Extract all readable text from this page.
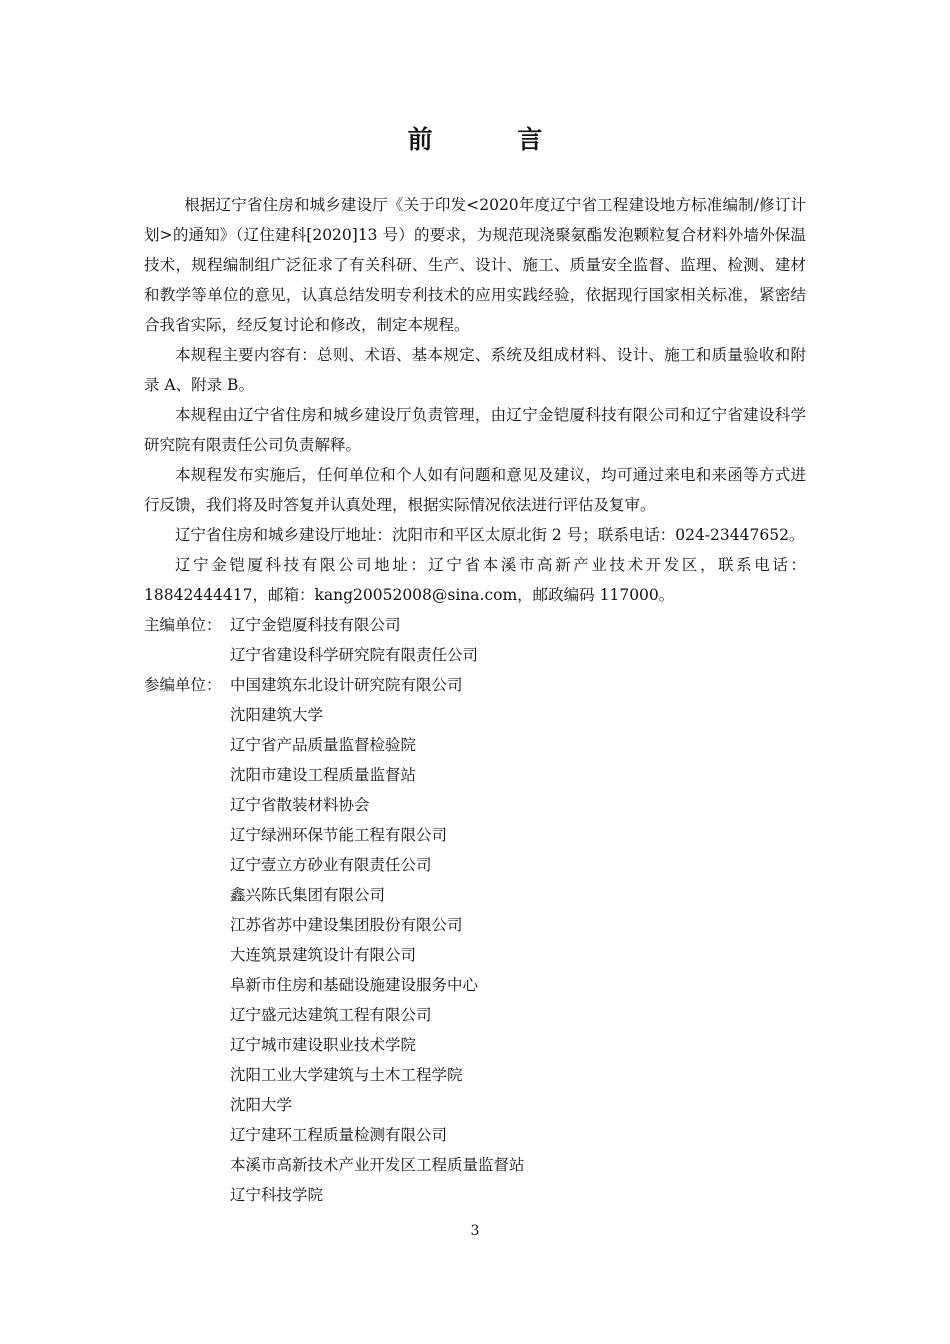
前 言

根据辽宁省住房和城乡建设厅《关于印发<2020年度辽宁省工程建设地方标准编制/修订计划>的通知》（辽住建科[2020]13 号）的要求，为规范现浇聚氨酯发泡颗粒复合材料外墙外保温技术，规程编制组广泛征求了有关科研、生产、设计、施工、质量安全监督、监理、检测、建材和教学等单位的意见，认真总结发明专利技术的应用实践经验，依据现行国家相关标准，紧密结合我省实际，经反复讨论和修改，制定本规程。

本规程主要内容有：总则、术语、基本规定、系统及组成材料、设计、施工和质量验收和附录 A、附录 B。

本规程由辽宁省住房和城乡建设厅负责管理，由辽宁金铠厦科技有限公司和辽宁省建设科学研究院有限责任公司负责解释。

本规程发布实施后，任何单位和个人如有问题和意见及建议，均可通过来电和来函等方式进行反馈，我们将及时答复并认真处理，根据实际情况依法进行评估及复审。

辽宁省住房和城乡建设厅地址：沈阳市和平区太原北街 2 号；联系电话：024-23447652。

辽宁金铠厦科技有限公司地址：辽宁省本溪市高新产业技术开发区，联系电话：18842444417，邮箱：kang20052008@sina.com，邮政编码 117000。

主编单位： 辽宁金铠厦科技有限公司

辽宁省建设科学研究院有限责任公司

参编单位： 中国建筑东北设计研究院有限公司

沈阳建筑大学

辽宁省产品质量监督检验院

沈阳市建设工程质量监督站

辽宁省散装材料协会

辽宁绿洲环保节能工程有限公司

辽宁壹立方砂业有限责任公司

鑫兴陈氏集团有限公司

江苏省苏中建设集团股份有限公司

大连筑景建筑设计有限公司

阜新市住房和基础设施建设服务中心

辽宁盛元达建筑工程有限公司

辽宁城市建设职业技术学院

沈阳工业大学建筑与土木工程学院

沈阳大学

辽宁建环工程质量检测有限公司

本溪市高新技术产业开发区工程质量监督站

辽宁科技学院

3
